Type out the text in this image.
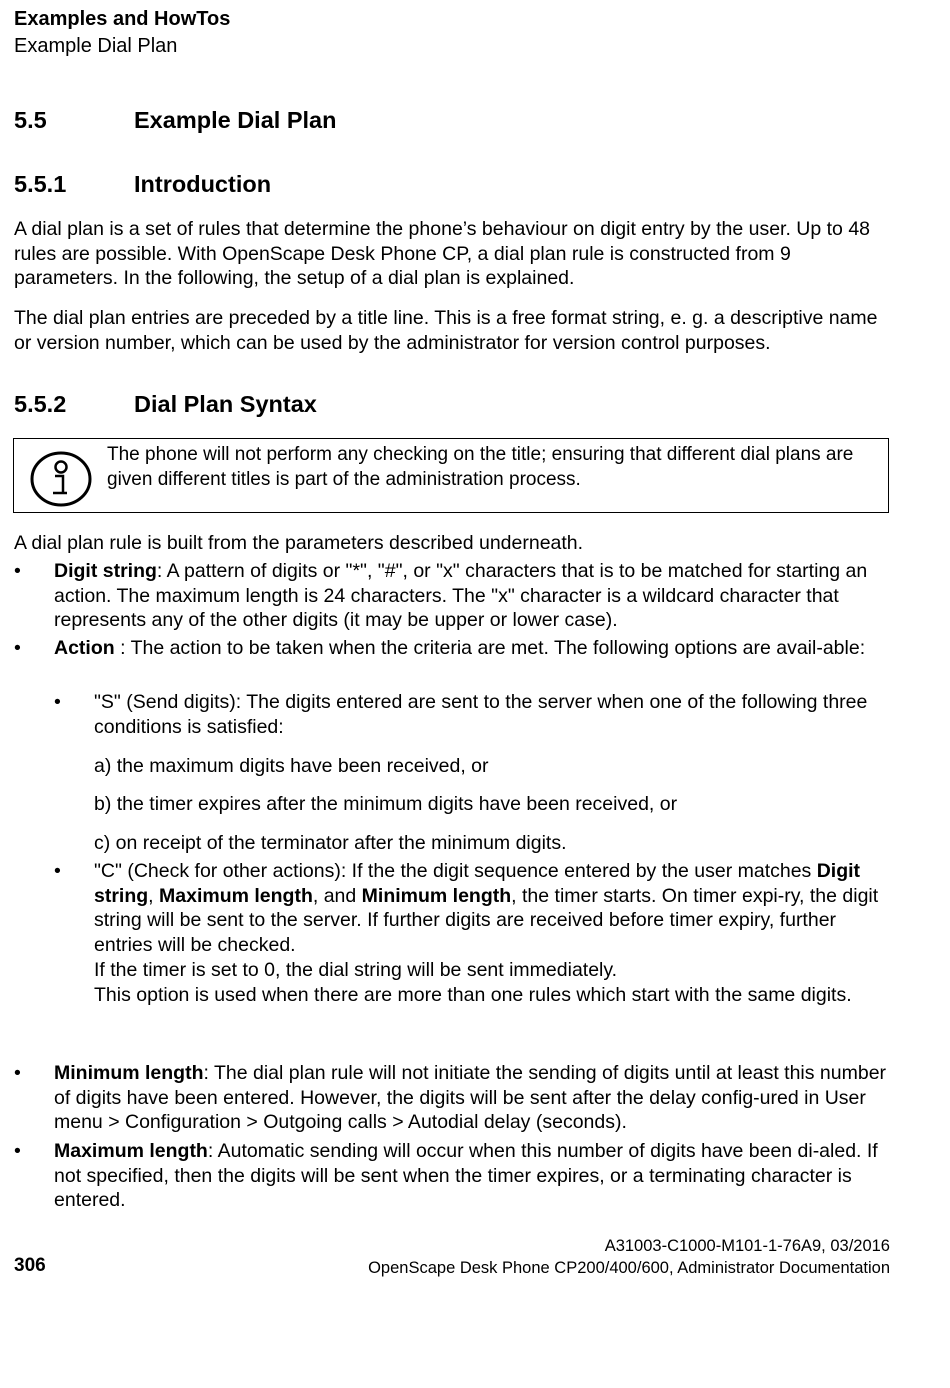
Examples and HowTos
Example Dial Plan
5.5	Example Dial Plan
5.5.1	Introduction
A dial plan is a set of rules that determine the phone’s behaviour on digit entry by the user. Up to 48 rules are possible. With OpenScape Desk Phone CP, a dial plan rule is constructed from 9 parameters. In the following, the setup of a dial plan is explained.
The dial plan entries are preceded by a title line. This is a free format string, e. g. a descriptive name or version number, which can be used by the administrator for version control purposes.
5.5.2	Dial Plan Syntax
The phone will not perform any checking on the title; ensuring that different dial plans are given different titles is part of the administration process.
A dial plan rule is built from the parameters described underneath.
• Digit string: A pattern of digits or "*", "#", or "x" characters that is to be matched for starting an action. The maximum length is 24 characters. The "x" character is a wildcard character that represents any of the other digits (it may be upper or lower case).
• Action : The action to be taken when the criteria are met. The following options are avail-able:
• "S" (Send digits): The digits entered are sent to the server when one of the following three conditions is satisfied:
a) the maximum digits have been received, or
b) the timer expires after the minimum digits have been received, or
c) on receipt of the terminator after the minimum digits.
• "C" (Check for other actions): If the the digit sequence entered by the user matches Digit string, Maximum length, and Minimum length, the timer starts. On timer expi-ry, the digit string will be sent to the server. If further digits are received before timer expiry, further entries will be checked.
If the timer is set to 0, the dial string will be sent immediately.
This option is used when there are more than one rules which start with the same digits.
• Minimum length: The dial plan rule will not initiate the sending of digits until at least this number of digits have been entered. However, the digits will be sent after the delay config-ured in User menu > Configuration > Outgoing calls > Autodial delay (seconds).
• Maximum length: Automatic sending will occur when this number of digits have been di-aled. If not specified, then the digits will be sent when the timer expires, or a terminating character is entered.
A31003-C1000-M101-1-76A9, 03/2016
OpenScape Desk Phone CP200/400/600, Administrator Documentation
306
